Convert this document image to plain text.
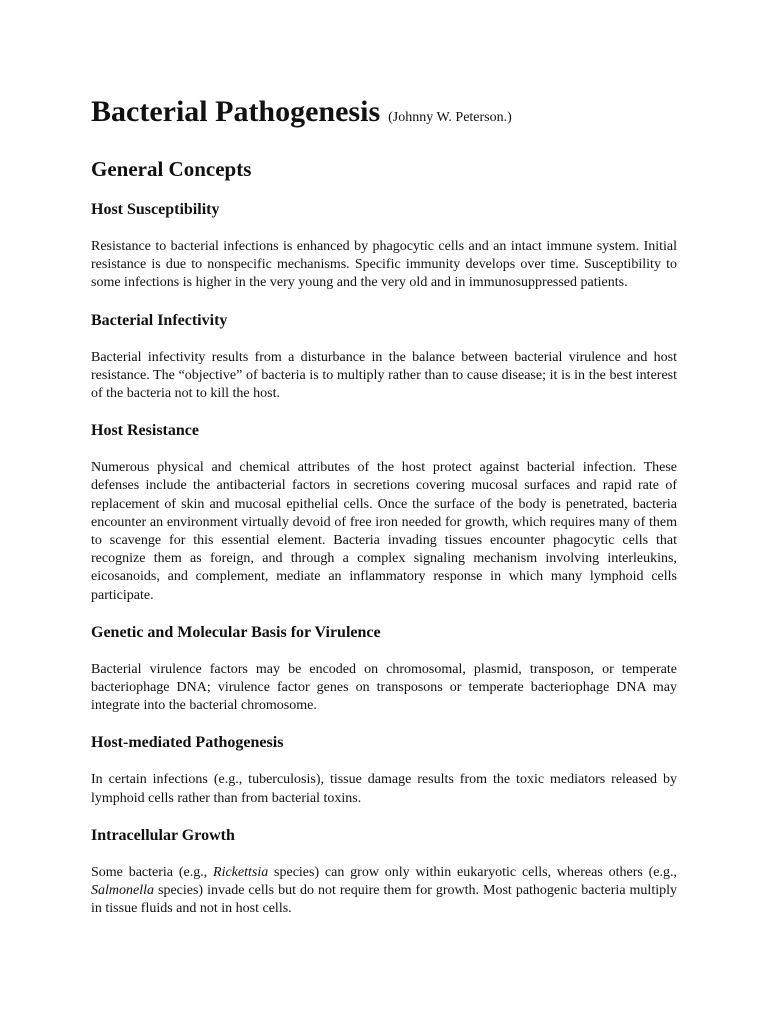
Bacterial Pathogenesis (Johnny W. Peterson.)
General Concepts
Host Susceptibility
Resistance to bacterial infections is enhanced by phagocytic cells and an intact immune system. Initial resistance is due to nonspecific mechanisms. Specific immunity develops over time. Susceptibility to some infections is higher in the very young and the very old and in immunosuppressed patients.
Bacterial Infectivity
Bacterial infectivity results from a disturbance in the balance between bacterial virulence and host resistance. The “objective” of bacteria is to multiply rather than to cause disease; it is in the best interest of the bacteria not to kill the host.
Host Resistance
Numerous physical and chemical attributes of the host protect against bacterial infection. These defenses include the antibacterial factors in secretions covering mucosal surfaces and rapid rate of replacement of skin and mucosal epithelial cells. Once the surface of the body is penetrated, bacteria encounter an environment virtually devoid of free iron needed for growth, which requires many of them to scavenge for this essential element. Bacteria invading tissues encounter phagocytic cells that recognize them as foreign, and through a complex signaling mechanism involving interleukins, eicosanoids, and complement, mediate an inflammatory response in which many lymphoid cells participate.
Genetic and Molecular Basis for Virulence
Bacterial virulence factors may be encoded on chromosomal, plasmid, transposon, or temperate bacteriophage DNA; virulence factor genes on transposons or temperate bacteriophage DNA may integrate into the bacterial chromosome.
Host-mediated Pathogenesis
In certain infections (e.g., tuberculosis), tissue damage results from the toxic mediators released by lymphoid cells rather than from bacterial toxins.
Intracellular Growth
Some bacteria (e.g., Rickettsia species) can grow only within eukaryotic cells, whereas others (e.g., Salmonella species) invade cells but do not require them for growth. Most pathogenic bacteria multiply in tissue fluids and not in host cells.
